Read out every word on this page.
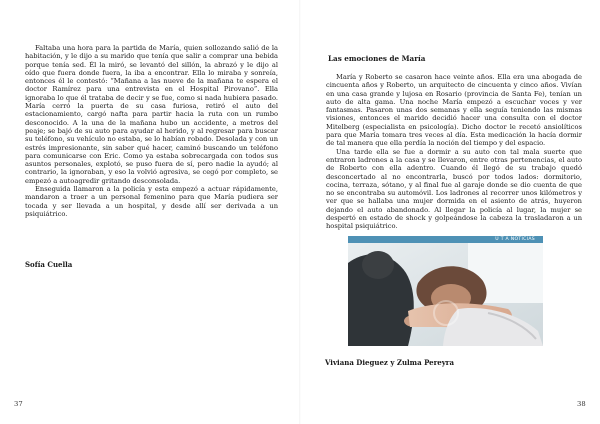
Faltaba una hora para la partida de María, quien sollozando salió de la habitación, y le dijo a su marido que tenía que salir a comprar una bebida porque tenía sed. Él la miró, se levantó del sillón, la abrazó y le dijo al oído que fuera donde fuera, la iba a encontrar. Ella lo miraba y sonreía, entonces él le contestó: “Mañana a las nueve de la mañana te espera el doctor Ramírez para una entrevista en el Hospital Pirovano”. Ella ignoraba lo que él trataba de decir y se fue, como si nada hubiera pasado. María cerró la puerta de su casa furiosa, retiró el auto del estacionamiento, cargó nafta para partir hacia la ruta con un rumbo desconocido. A la una de la mañana hubo un accidente, a metros del peaje; se bajó de su auto para ayudar al herido, y al regresar para buscar su teléfono, su vehículo no estaba, se lo habían robado. Desolada y con un estrés impresionante, sin saber qué hacer, caminó buscando un teléfono para comunicarse con Eric. Como ya estaba sobrecargada con todos sus asuntos personales, explotó, se puso fuera de sí, pero nadie la ayudó; al contrario, la ignoraban, y eso la volvió agresiva, se cegó por completo, se empezó a autoagredir gritando desconsolada.

Enseguida llamaron a la policía y esta empezó a actuar rápidamente, mandaron a traer a un personal femenino para que María pudiera ser tocada y ser llevada a un hospital, y desde allí ser derivada a un psiquiátrico.

Sofía Cuella
37
Las emociones de María

María y Roberto se casaron hace veinte años. Ella era una abogada de cincuenta años y Roberto, un arquitecto de cincuenta y cinco años. Vivían en una casa grande y lujosa en Rosario (provincia de Santa Fe), tenían un auto de alta gama. Una noche María empezó a escuchar voces y ver fantasmas. Pasaron unas dos semanas y ella seguía teniendo las mismas visiones, entonces el marido decidió hacer una consulta con el doctor Mitelberg (especialista en psicología). Dicho doctor le recetó ansiolíticos para que María tomara tres veces al día. Esta medicación la hacía dormir de tal manera que ella perdía la noción del tiempo y del espacio.

Una tarde ella se fue a dormir a su auto con tal mala suerte que entraron ladrones a la casa y se llevaron, entre otras pertenencias, el auto de Roberto con ella adentro. Cuando él llegó de su trabajo quedó desconcertado al no encontrarla, buscó por todos lados: dormitorio, cocina, terraza, sótano, y al final fue al garaje donde se dio cuenta de que no se encontraba su automóvil. Los ladrones al recorrer unos kilómetros y ver que se hallaba una mujer dormida en el asiento de atrás, huyeron dejando el auto abandonado. Al llegar la policía al lugar, la mujer se despertó en estado de shock y golpeándose la cabeza la trasladaron a un hospital psiquiátrico.

U T A NOTICIAS
Viviana Dieguez y Zulma Pereyra
38
